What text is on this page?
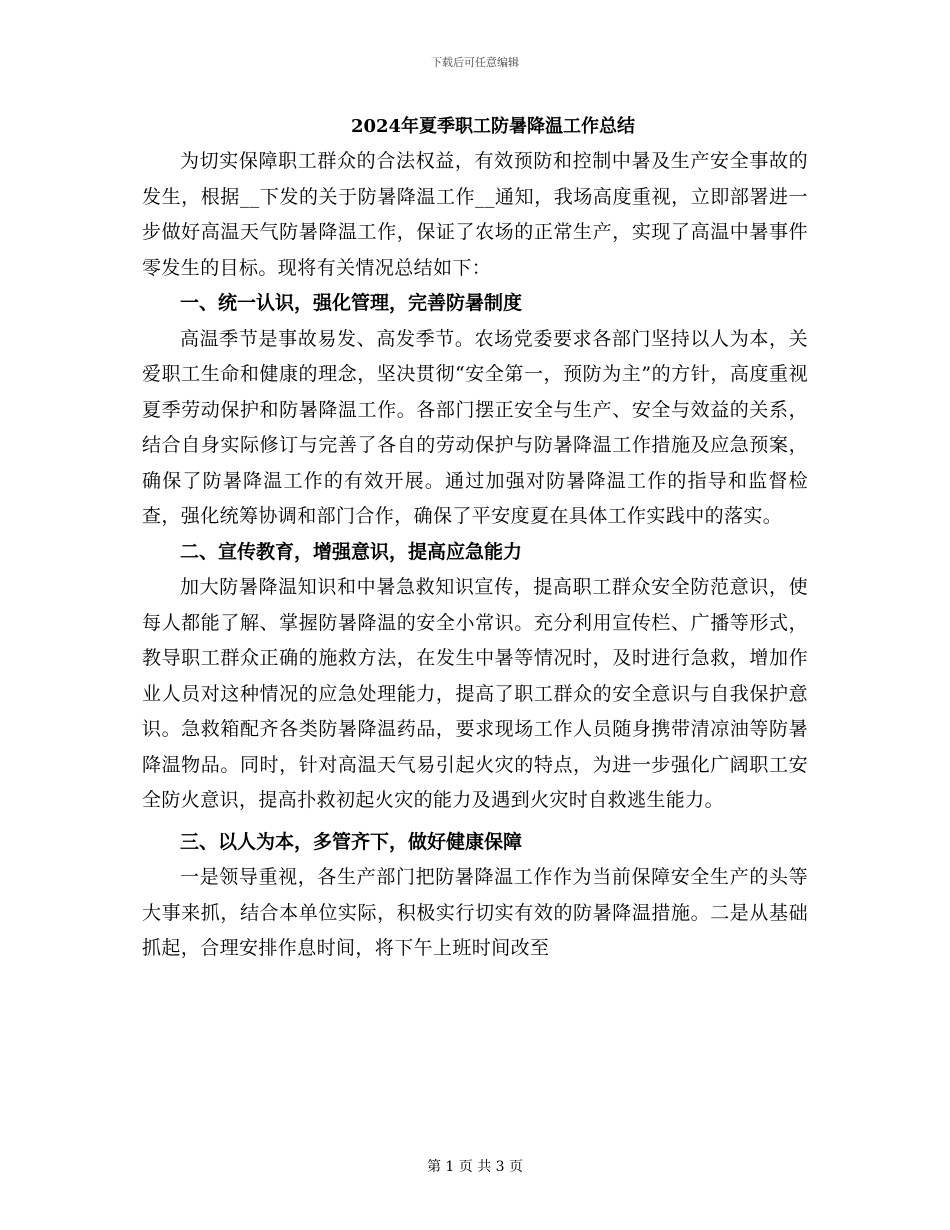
下载后可任意编辑
2024年夏季职工防暑降温工作总结

为切实保障职工群众的合法权益，有效预防和控制中暑及生产安全事故的发生，根据__下发的关于防暑降温工作__通知，我场高度重视，立即部署进一步做好高温天气防暑降温工作，保证了农场的正常生产，实现了高温中暑事件零发生的目标。现将有关情况总结如下：

一、统一认识，强化管理，完善防暑制度

高温季节是事故易发、高发季节。农场党委要求各部门坚持以人为本，关爱职工生命和健康的理念，坚决贯彻“安全第一，预防为主”的方针，高度重视夏季劳动保护和防暑降温工作。各部门摆正安全与生产、安全与效益的关系，结合自身实际修订与完善了各自的劳动保护与防暑降温工作措施及应急预案，确保了防暑降温工作的有效开展。通过加强对防暑降温工作的指导和监督检查，强化统筹协调和部门合作，确保了平安度夏在具体工作实践中的落实。

二、宣传教育，增强意识，提高应急能力

加大防暑降温知识和中暑急救知识宣传，提高职工群众安全防范意识，使每人都能了解、掌握防暑降温的安全小常识。充分利用宣传栏、广播等形式，教导职工群众正确的施救方法，在发生中暑等情况时，及时进行急救，增加作业人员对这种情况的应急处理能力，提高了职工群众的安全意识与自我保护意识。急救箱配齐各类防暑降温药品，要求现场工作人员随身携带清凉油等防暑降温物品。同时，针对高温天气易引起火灾的特点，为进一步强化广阔职工安全防火意识，提高扑救初起火灾的能力及遇到火灾时自救逃生能力。

三、以人为本，多管齐下，做好健康保障

一是领导重视，各生产部门把防暑降温工作作为当前保障安全生产的头等大事来抓，结合本单位实际，积极实行切实有效的防暑降温措施。二是从基础抓起，合理安排作息时间，将下午上班时间改至

第 1 页 共 3 页
